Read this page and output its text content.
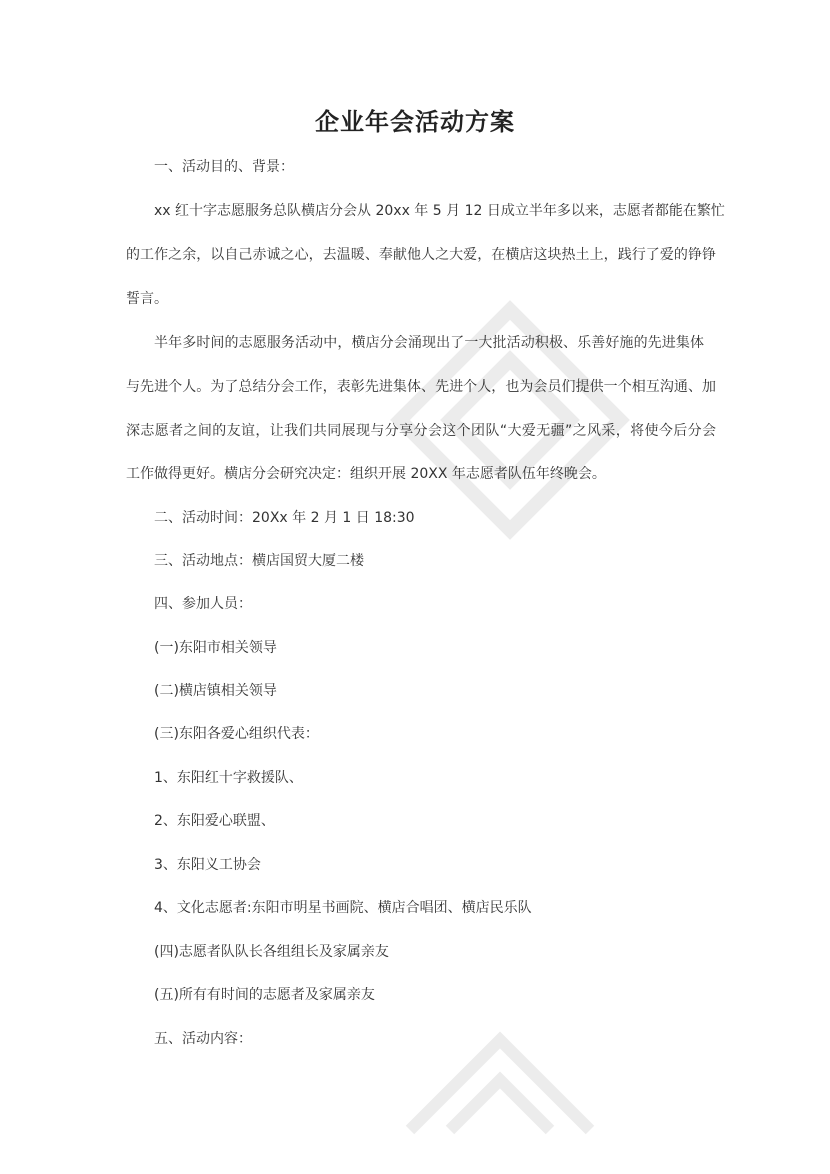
企业年会活动方案
一、活动目的、背景：
xx 红十字志愿服务总队横店分会从 20xx 年 5 月 12 日成立半年多以来，志愿者都能在繁忙
的工作之余，以自己赤诚之心，去温暖、奉献他人之大爱，在横店这块热土上，践行了爱的铮铮
誓言。
半年多时间的志愿服务活动中，横店分会涌现出了一大批活动积极、乐善好施的先进集体
与先进个人。为了总结分会工作，表彰先进集体、先进个人，也为会员们提供一个相互沟通、加
深志愿者之间的友谊，让我们共同展现与分享分会这个团队“大爱无疆”之风采，将使今后分会
工作做得更好。横店分会研究决定：组织开展 20XX 年志愿者队伍年终晚会。
二、活动时间：20Xx 年 2 月 1 日 18:30
三、活动地点：横店国贸大厦二楼
四、参加人员：
(一)东阳市相关领导
(二)横店镇相关领导
(三)东阳各爱心组织代表：
1、东阳红十字救援队、
2、东阳爱心联盟、
3、东阳义工协会
4、文化志愿者:东阳市明星书画院、横店合唱团、横店民乐队
(四)志愿者队队长各组组长及家属亲友
(五)所有有时间的志愿者及家属亲友
五、活动内容：
